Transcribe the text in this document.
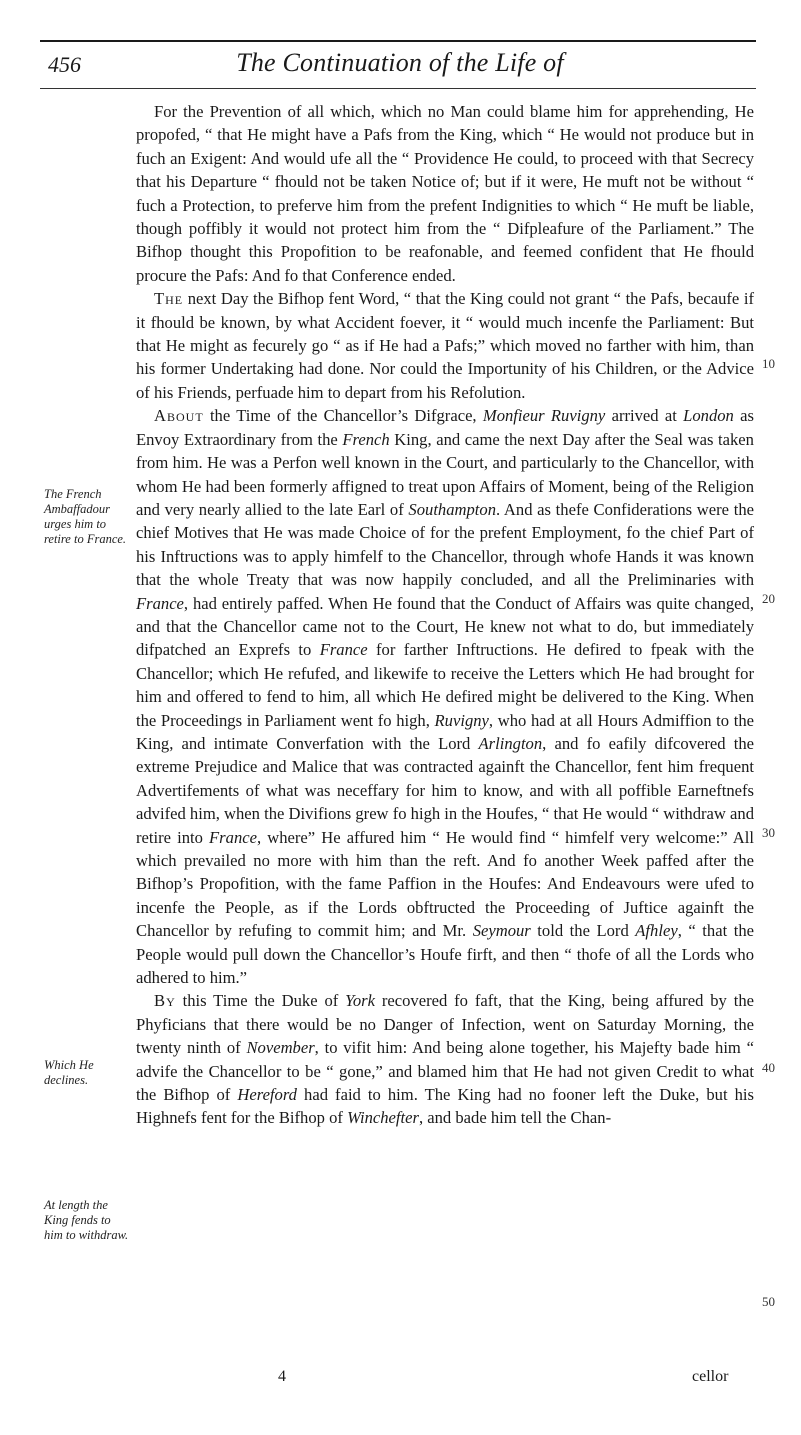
456	The Continuation of the Life of

For the Prevention of all which, which no Man could blame him for apprehending, He propofed, “ that He might have a Pafs from the King, which “ He would not produce but in fuch an Exigent: And would ufe all the “ Providence He could, to proceed with that Secrecy that his Departure “ fhould not be taken Notice of; but if it were, He muft not be without “ fuch a Protection, to preferve him from the prefent Indignities to which “ He muft be liable, though poffibly it would not protect him from the “ Difpleafure of the Parliament.” The Bifhop thought this Propofition to be reafonable, and feemed confident that He fhould procure the Pafs: And fo that Conference ended.

The next Day the Bifhop fent Word, “ that the King could not grant “ the Pafs, becaufe if it fhould be known, by what Accident foever, it “ would much incenfe the Parliament: But that He might as fecurely go “ as if He had a Pafs;” which moved no farther with him, than his former Undertaking had done. Nor could the Importunity of his Children, or the Advice of his Friends, perfuade him to depart from his Refolution.

About the Time of the Chancellor’s Difgrace, Monfieur Ruvigny arrived at London as Envoy Extraordinary from the French King, and came the next Day after the Seal was taken from him. He was a Perfon well known in the Court, and particularly to the Chancellor, with whom He had been formerly affigned to treat upon Affairs of Moment, being of the Religion and very nearly allied to the late Earl of Southampton. And as thefe Confiderations were the chief Motives that He was made Choice of for the prefent Employment, fo the chief Part of his Inftructions was to apply himfelf to the Chancellor, through whofe Hands it was known that the whole Treaty that was now happily concluded, and all the Preliminaries with France, had entirely paffed. When He found that the Conduct of Affairs was quite changed, and that the Chancellor came not to the Court, He knew not what to do, but immediately difpatched an Exprefs to France for farther Inftructions. He defired to fpeak with the Chancellor; which He refufed, and likewife to receive the Letters which He had brought for him and offered to fend to him, all which He defired might be delivered to the King. When the Proceedings in Parliament went fo high, Ruvigny, who had at all Hours Admiffion to the King, and intimate Converfation with the Lord Arlington, and fo eafily difcovered the extreme Prejudice and Malice that was contracted againft the Chancellor, fent him frequent Advertifements of what was neceffary for him to know, and with all poffible Earneftnefs advifed him, when the Divifions grew fo high in the Houfes, “ that He would “ withdraw and retire into France, where” He affured him “ He would find “ himfelf very welcome:” All which prevailed no more with him than the reft. And fo another Week paffed after the Bifhop’s Propofition, with the fame Paffion in the Houfes: And Endeavours were ufed to incenfe the People, as if the Lords obftructed the Proceeding of Juftice againft the Chancellor by refufing to commit him; and Mr. Seymour told the Lord Afhley, “ that the People would pull down the Chancellor’s Houfe firft, and then “ thofe of all the Lords who adhered to him.”

By this Time the Duke of York recovered fo faft, that the King, being affured by the Phyficians that there would be no Danger of Infection, went on Saturday Morning, the twenty ninth of November, to vifit him: And being alone together, his Majefty bade him “ advife the Chancellor to be “ gone,” and blamed him that He had not given Credit to what the Bifhop of Hereford had faid to him. The King had no fooner left the Duke, but his Highnefs fent for the Bifhop of Winchefter, and bade him tell the Chan-

10
20
30
40
50
The French Ambaffadour urges him to retire to France.
Which He declines.
At length the King fends to him to withdraw.
4	cellor
